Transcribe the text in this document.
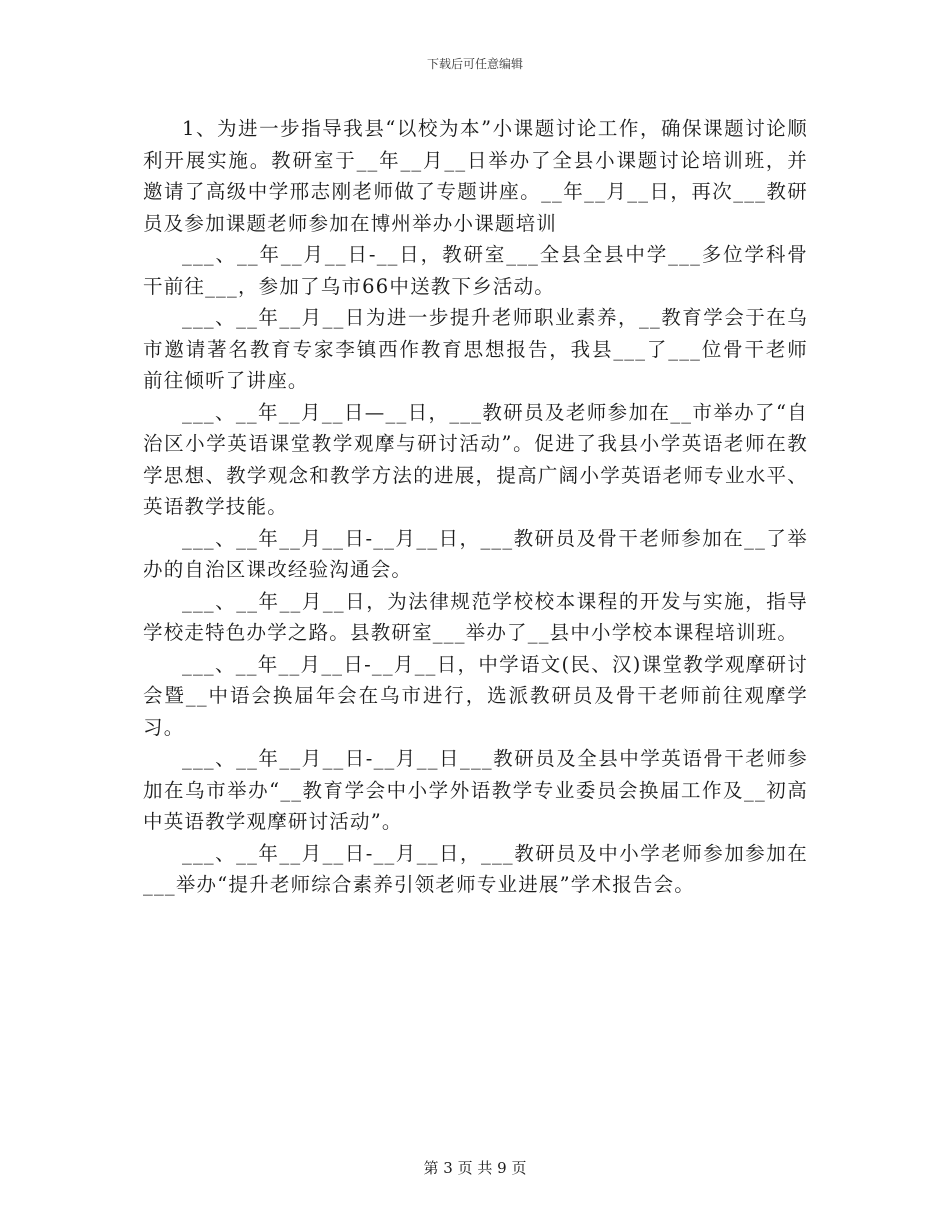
下载后可任意编辑

1、为进一步指导我县“以校为本”小课题讨论工作，确保课题讨论顺利开展实施。教研室于__年__月__日举办了全县小课题讨论培训班，并邀请了高级中学邢志刚老师做了专题讲座。__年__月__日，再次___教研员及参加课题老师参加在博州举办小课题培训

___、__年__月__日-__日，教研室___全县全县中学___多位学科骨干前往___，参加了乌市66中送教下乡活动。

___、__年__月__日为进一步提升老师职业素养，__教育学会于在乌市邀请著名教育专家李镇西作教育思想报告，我县___了___位骨干老师前往倾听了讲座。

___、__年__月__日—__日，___教研员及老师参加在__市举办了“自治区小学英语课堂教学观摩与研讨活动”。促进了我县小学英语老师在教学思想、教学观念和教学方法的进展，提高广阔小学英语老师专业水平、英语教学技能。

___、__年__月__日-__月__日，___教研员及骨干老师参加在__了举办的自治区课改经验沟通会。

___、__年__月__日，为法律规范学校校本课程的开发与实施，指导学校走特色办学之路。县教研室___举办了__县中小学校本课程培训班。

___、__年__月__日-__月__日，中学语文(民、汉)课堂教学观摩研讨会暨__中语会换届年会在乌市进行，选派教研员及骨干老师前往观摩学习。

___、__年__月__日-__月__日___教研员及全县中学英语骨干老师参加在乌市举办“__教育学会中小学外语教学专业委员会换届工作及__初高中英语教学观摩研讨活动”。

___、__年__月__日-__月__日，___教研员及中小学老师参加参加在___举办“提升老师综合素养引领老师专业进展”学术报告会。

第 3 页 共 9 页
